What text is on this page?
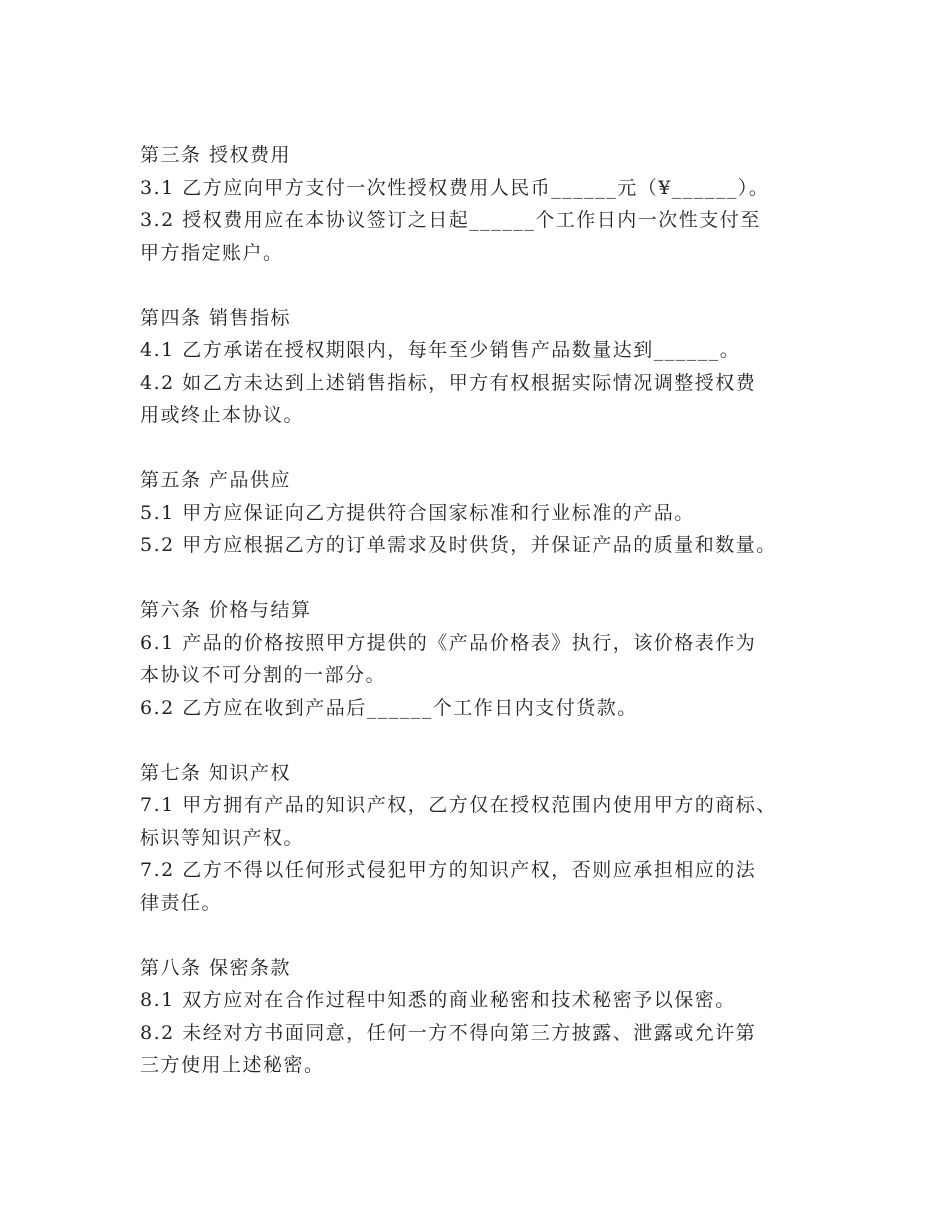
第三条 授权费用
3.1 乙方应向甲方支付一次性授权费用人民币______元（¥______）。
3.2 授权费用应在本协议签订之日起______个工作日内一次性支付至
甲方指定账户。
第四条 销售指标
4.1 乙方承诺在授权期限内，每年至少销售产品数量达到______。
4.2 如乙方未达到上述销售指标，甲方有权根据实际情况调整授权费
用或终止本协议。
第五条 产品供应
5.1 甲方应保证向乙方提供符合国家标准和行业标准的产品。
5.2 甲方应根据乙方的订单需求及时供货，并保证产品的质量和数量。
第六条 价格与结算
6.1 产品的价格按照甲方提供的《产品价格表》执行，该价格表作为
本协议不可分割的一部分。
6.2 乙方应在收到产品后______个工作日内支付货款。
第七条 知识产权
7.1 甲方拥有产品的知识产权，乙方仅在授权范围内使用甲方的商标、
标识等知识产权。
7.2 乙方不得以任何形式侵犯甲方的知识产权，否则应承担相应的法
律责任。
第八条 保密条款
8.1 双方应对在合作过程中知悉的商业秘密和技术秘密予以保密。
8.2 未经对方书面同意，任何一方不得向第三方披露、泄露或允许第
三方使用上述秘密。
